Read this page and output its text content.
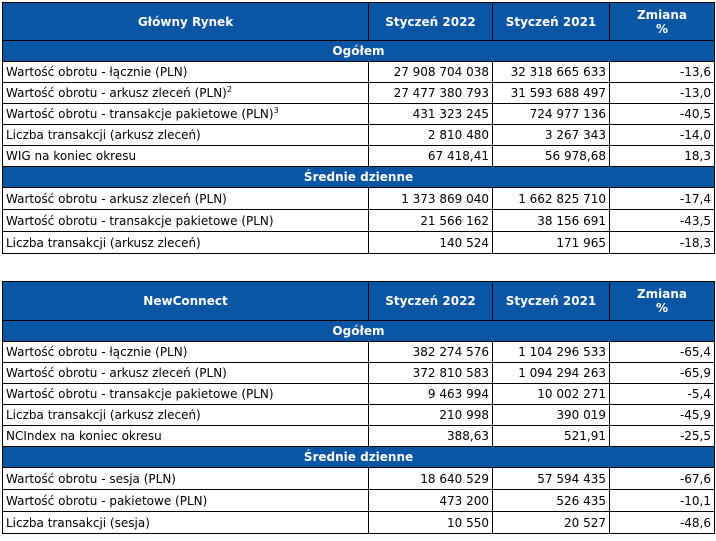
Główny Rynek	Styczeń 2022	Styczeń 2021	Zmiana
%
Ogółem			
Wartość obrotu - łącznie (PLN)	27 908 704 038	32 318 665 633	-13,6
Wartość obrotu - arkusz zleceń (PLN)$^2$	27 477 380 793	31 593 688 497	-13,0
Wartość obrotu - transakcje pakietowe (PLN)$^3$	431 323 245	724 977 136	-40,5
Liczba transakcji (arkusz zleceń)	2 810 480	3 267 343	-14,0
WIG na koniec okresu	67 418,41	56 978,68	18,3
Średnie dzienne			
Wartość obrotu - arkusz zleceń (PLN)	1 373 869 040	1 662 825 710	-17,4
Wartość obrotu - transakcje pakietowe (PLN)	21 566 162	38 156 691	-43,5
Liczba transakcji (arkusz zleceń)	140 524	171 965	-18,3
NewConnect	Styczeń 2022	Styczeń 2021	Zmiana
%
Ogółem			
Wartość obrotu - łącznie (PLN)	382 274 576	1 104 296 533	-65,4
Wartość obrotu - arkusz zleceń (PLN)	372 810 583	1 094 294 263	-65,9
Wartość obrotu - transakcje pakietowe (PLN)	9 463 994	10 002 271	-5,4
Liczba transakcji (arkusz zleceń)	210 998	390 019	-45,9
NCIndex na koniec okresu	388,63	521,91	-25,5
Średnie dzienne			
Wartość obrotu - sesja (PLN)	18 640 529	57 594 435	-67,6
Wartość obrotu - pakietowe (PLN)	473 200	526 435	-10,1
Liczba transakcji (sesja)	10 550	20 527	-48,6
